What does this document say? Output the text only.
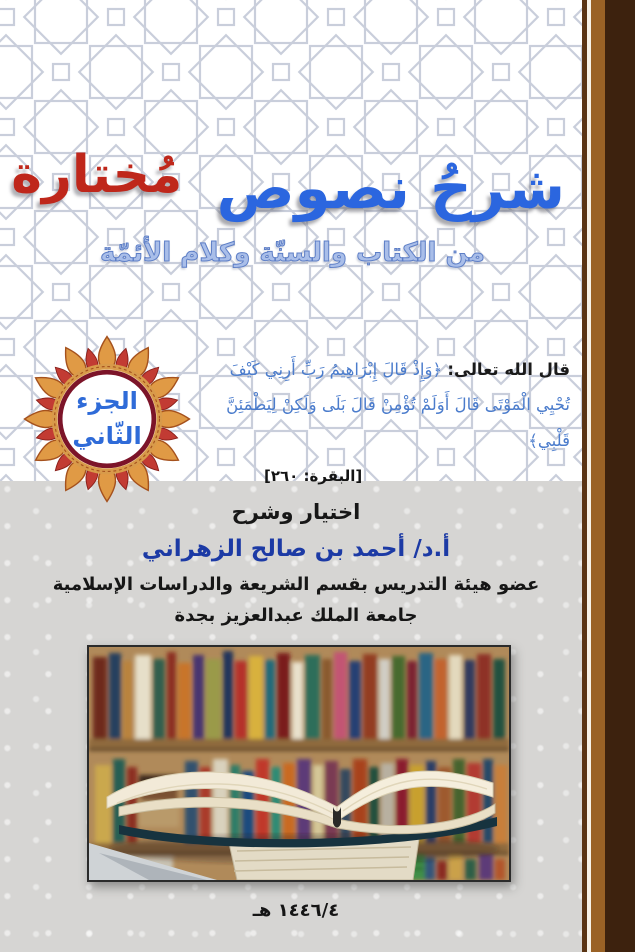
شرحُ نصوص مُختارة
من الكتاب والسنّة وكلام الأئمّة
الجزء
الثّاني

قال الله تعالى: ﴿وَإِذْ قَالَ إِبْرَاهِيمُ رَبِّ أَرِنِي كَيْفَ تُحْيِي الْمَوْتَى قَالَ أَوَلَمْ تُؤْمِنْ قَالَ بَلَى وَلَكِنْ لِيَطْمَئِنَّ قَلْبِي﴾

[البقرة: ٢٦٠]
اختيار وشرح
أ.د/ أحمد بن صالح الزهراني
عضو هيئة التدريس بقسم الشريعة والدراسات الإسلامية
جامعة الملك عبدالعزيز بجدة
١٤٤٦/٤ هـ
